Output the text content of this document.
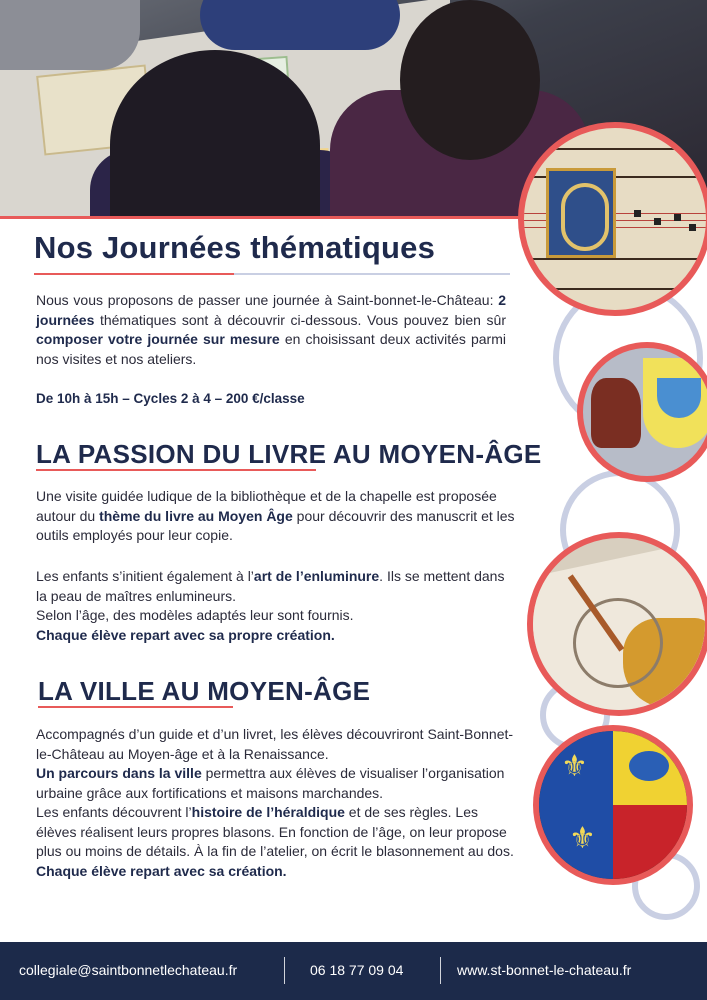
⚜
⚜
Nos Journées thématiques

Nous vous proposons de passer une journée à Saint-bonnet-le-Château: 2 journées thématiques sont à découvrir ci-dessous. Vous pouvez bien sûr composer votre journée sur mesure en choisissant deux activités parmi nos visites et nos ateliers.

De 10h à 15h – Cycles 2 à 4 – 200 €/classe

LA PASSION DU LIVRE AU MOYEN-ÂGE

Une visite guidée ludique de la bibliothèque et de la chapelle est proposée autour du thème du livre au Moyen Âge pour découvrir des manuscrit et les outils employés pour leur copie.

Les enfants s’initient également à l’art de l’enluminure. Ils se mettent dans la peau de maîtres enlumineurs.
Selon l’âge, des modèles adaptés leur sont fournis.
Chaque élève repart avec sa propre création.

LA VILLE AU MOYEN-ÂGE

Accompagnés d’un guide et d’un livret, les élèves découvriront Saint-Bonnet-le-Château au Moyen-âge et à la Renaissance.
Un parcours dans la ville permettra aux élèves de visualiser l’organisation urbaine grâce aux fortifications et maisons marchandes.
Les enfants découvrent l’histoire de l’héraldique et de ses règles. Les élèves réalisent leurs propres blasons. En fonction de l’âge, on leur propose plus ou moins de détails. À la fin de l’atelier, on écrit le blasonnement au dos. Chaque élève repart avec sa création.

collegiale@saintbonnetlechateau.fr	06 18 77 09 04	www.st-bonnet-le-chateau.fr
